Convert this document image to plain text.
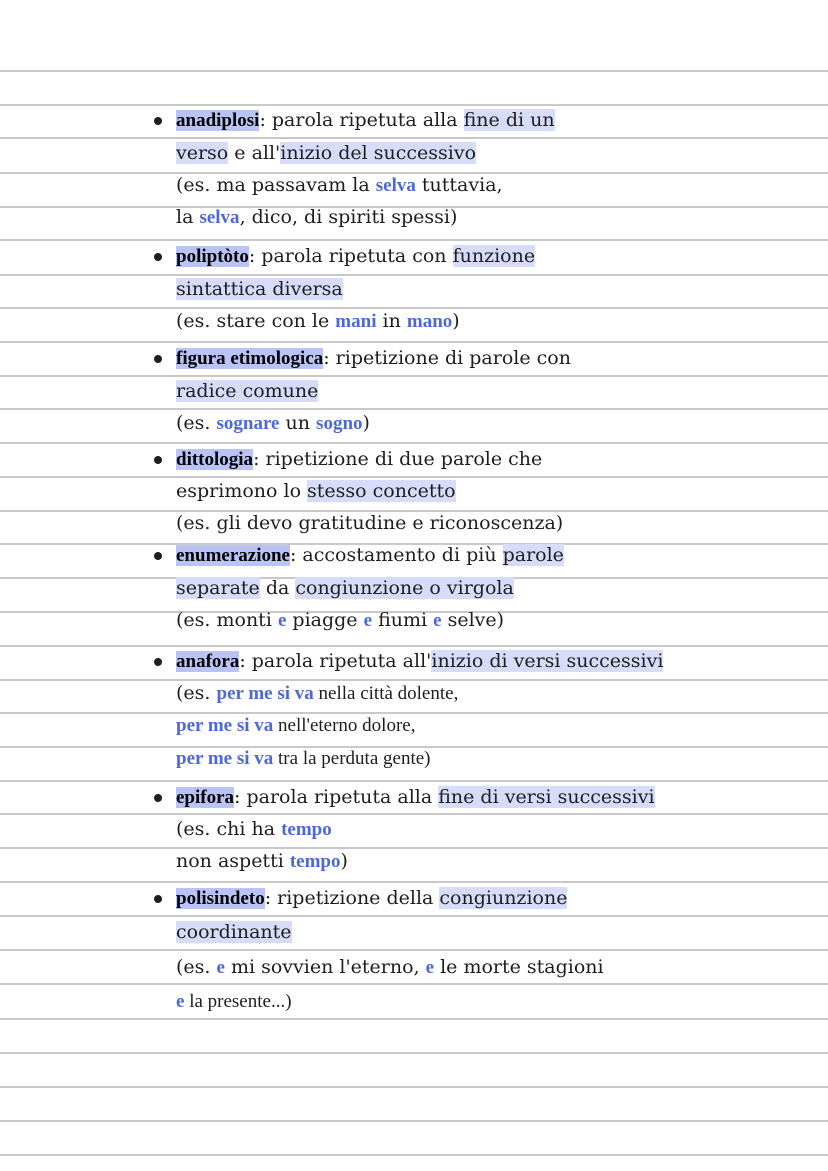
anadiplosi: parola ripetuta alla fine di un
verso e all'inizio del successivo
(es. ma passavam la selva tuttavia,
la selva, dico, di spiriti spessi)
poliptòto: parola ripetuta con funzione
sintattica diversa
(es. stare con le mani in mano)
figura etimologica: ripetizione di parole con
radice comune
(es. sognare un sogno)
dittologia: ripetizione di due parole che
esprimono lo stesso concetto
(es. gli devo gratitudine e riconoscenza)
enumerazione: accostamento di più parole
separate da congiunzione o virgola
(es. monti e piagge e fiumi e selve)
anafora: parola ripetuta all'inizio di versi successivi
(es. per me si va nella città dolente,
per me si va nell'eterno dolore,
per me si va tra la perduta gente)
epifora: parola ripetuta alla fine di versi successivi
(es. chi ha tempo
non aspetti tempo)
polisindeto: ripetizione della congiunzione
coordinante
(es. e mi sovvien l'eterno, e le morte stagioni
e la presente...)
